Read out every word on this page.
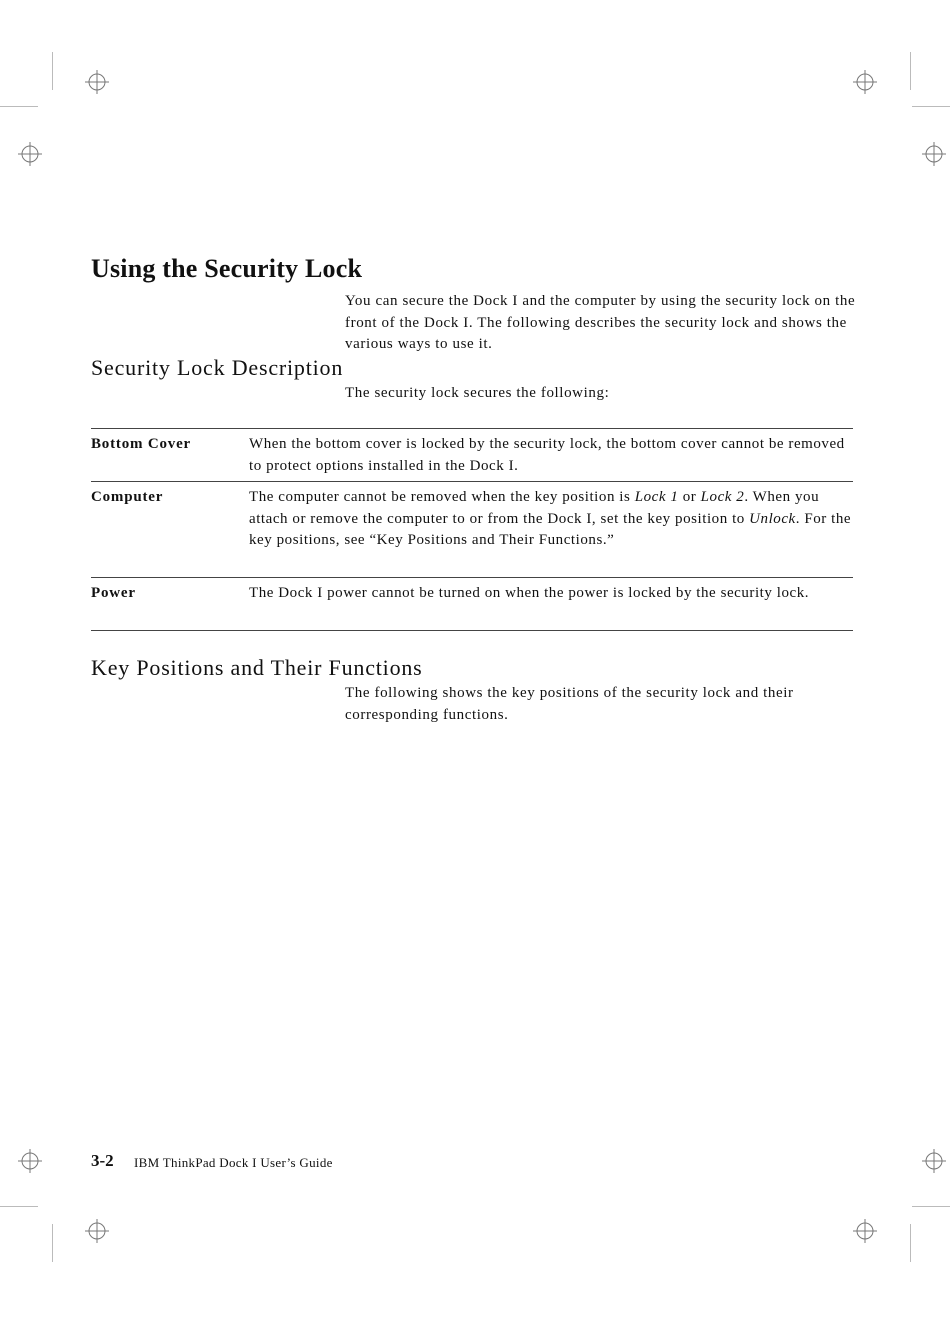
Using the Security Lock

You can secure the Dock I and the computer by using the security lock on the front of the Dock I. The following describes the security lock and shows the various ways to use it.

Security Lock Description

The security lock secures the following:

Bottom Cover	When the bottom cover is locked by the security lock, the bottom cover cannot be removed to protect options installed in the Dock I.

Computer	The computer cannot be removed when the key position is Lock 1 or Lock 2. When you attach or remove the computer to or from the Dock I, set the key position to Unlock. For the key positions, see “Key Positions and Their Functions.”

Power	The Dock I power cannot be turned on when the power is locked by the security lock.

Key Positions and Their Functions

The following shows the key positions of the security lock and their corresponding functions.

3-2 IBM ThinkPad Dock I User’s Guide
